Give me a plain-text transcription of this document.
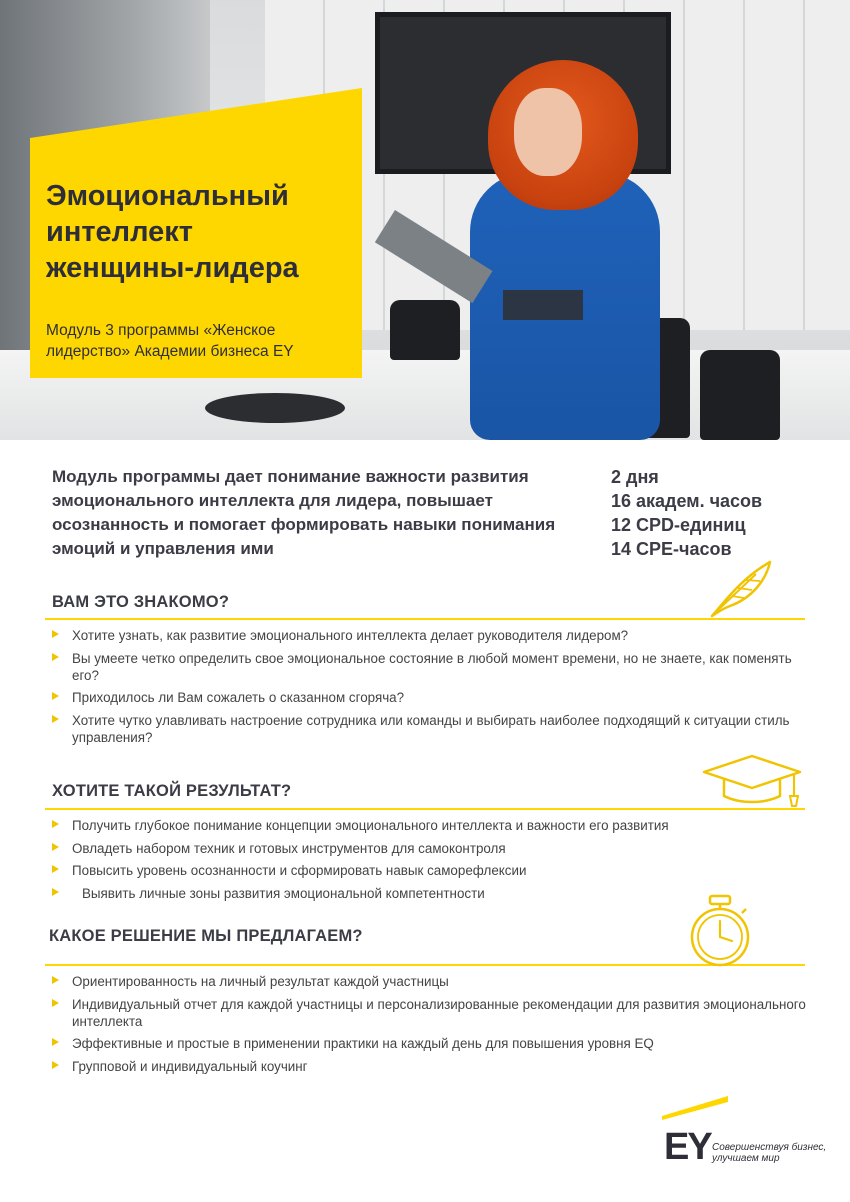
Эмоциональный интеллект женщины-лидера

Модуль 3 программы «Женское лидерство» Академии бизнеса EY

Модуль программы дает понимание важности развития эмоционального интеллекта для лидера, повышает осознанность и помогает формировать навыки понимания эмоций и управления ими

2 дня
16 академ. часов
12 CPD-единиц
14 CPE-часов
ВАМ ЭТО ЗНАКОМО?
Хотите узнать, как развитие эмоционального интеллекта делает руководителя лидером?
Вы умеете четко определить свое эмоциональное состояние в любой момент времени, но не знаете, как поменять его?
Приходилось ли Вам сожалеть о сказанном сгоряча?
Хотите чутко улавливать настроение сотрудника или команды и выбирать наиболее подходящий к ситуации стиль управления?
ХОТИТЕ ТАКОЙ РЕЗУЛЬТАТ?
Получить глубокое понимание концепции эмоционального интеллекта и важности его развития
Овладеть набором техник и готовых инструментов для самоконтроля
Повысить уровень осознанности и сформировать навык саморефлексии
Выявить личные зоны развития эмоциональной компетентности
КАКОЕ РЕШЕНИЕ МЫ ПРЕДЛАГАЕМ?
Ориентированность на личный результат каждой участницы
Индивидуальный отчет для каждой участницы и персонализированные рекомендации для развития эмоционального интеллекта
Эффективные и простые в применении практики на каждый день для повышения уровня EQ
Групповой и индивидуальный коучинг
EY Совершенствуя бизнес, улучшаем мир
